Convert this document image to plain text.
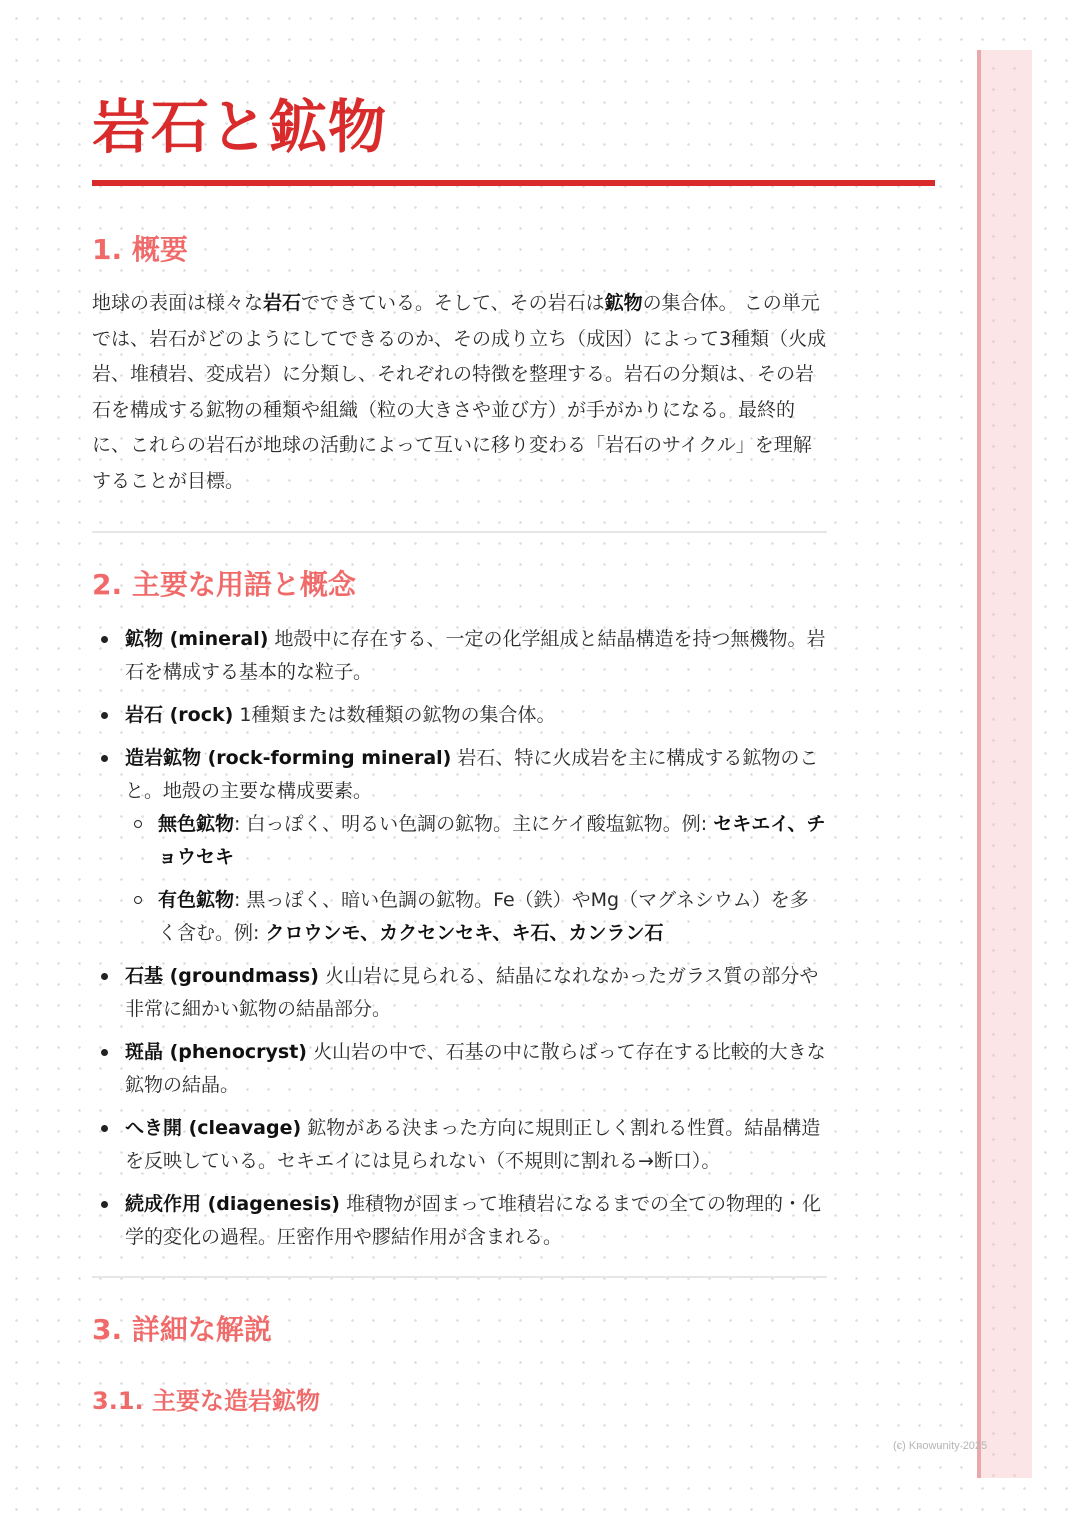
岩石と鉱物
1. 概要

地球の表面は様々な岩石でできている。そして、その岩石は鉱物の集合体。 この単元では、岩石がどのようにしてできるのか、その成り立ち（成因）によって3種類（火成岩、堆積岩、変成岩）に分類し、それぞれの特徴を整理する。岩石の分類は、その岩石を構成する鉱物の種類や組織（粒の大きさや並び方）が手がかりになる。最終的に、これらの岩石が地球の活動によって互いに移り変わる「岩石のサイクル」を理解することが目標。

2. 主要な用語と概念
鉱物 (mineral) 地殻中に存在する、一定の化学組成と結晶構造を持つ無機物。岩石を構成する基本的な粒子。
岩石 (rock) 1種類または数種類の鉱物の集合体。
造岩鉱物 (rock-forming mineral) 岩石、特に火成岩を主に構成する鉱物のこと。地殻の主要な構成要素。
無色鉱物: 白っぽく、明るい色調の鉱物。主にケイ酸塩鉱物。例: セキエイ、チョウセキ
有色鉱物: 黒っぽく、暗い色調の鉱物。Fe（鉄）やMg（マグネシウム）を多く含む。例: クロウンモ、カクセンセキ、キ石、カンラン石
石基 (groundmass) 火山岩に見られる、結晶になれなかったガラス質の部分や非常に細かい鉱物の結晶部分。
斑晶 (phenocryst) 火山岩の中で、石基の中に散らばって存在する比較的大きな鉱物の結晶。
へき開 (cleavage) 鉱物がある決まった方向に規則正しく割れる性質。結晶構造を反映している。セキエイには見られない（不規則に割れる→断口）。
続成作用 (diagenesis) 堆積物が固まって堆積岩になるまでの全ての物理的・化学的変化の過程。圧密作用や膠結作用が含まれる。
3. 詳細な解説
3.1. 主要な造岩鉱物
(c) Knowunity 2025
